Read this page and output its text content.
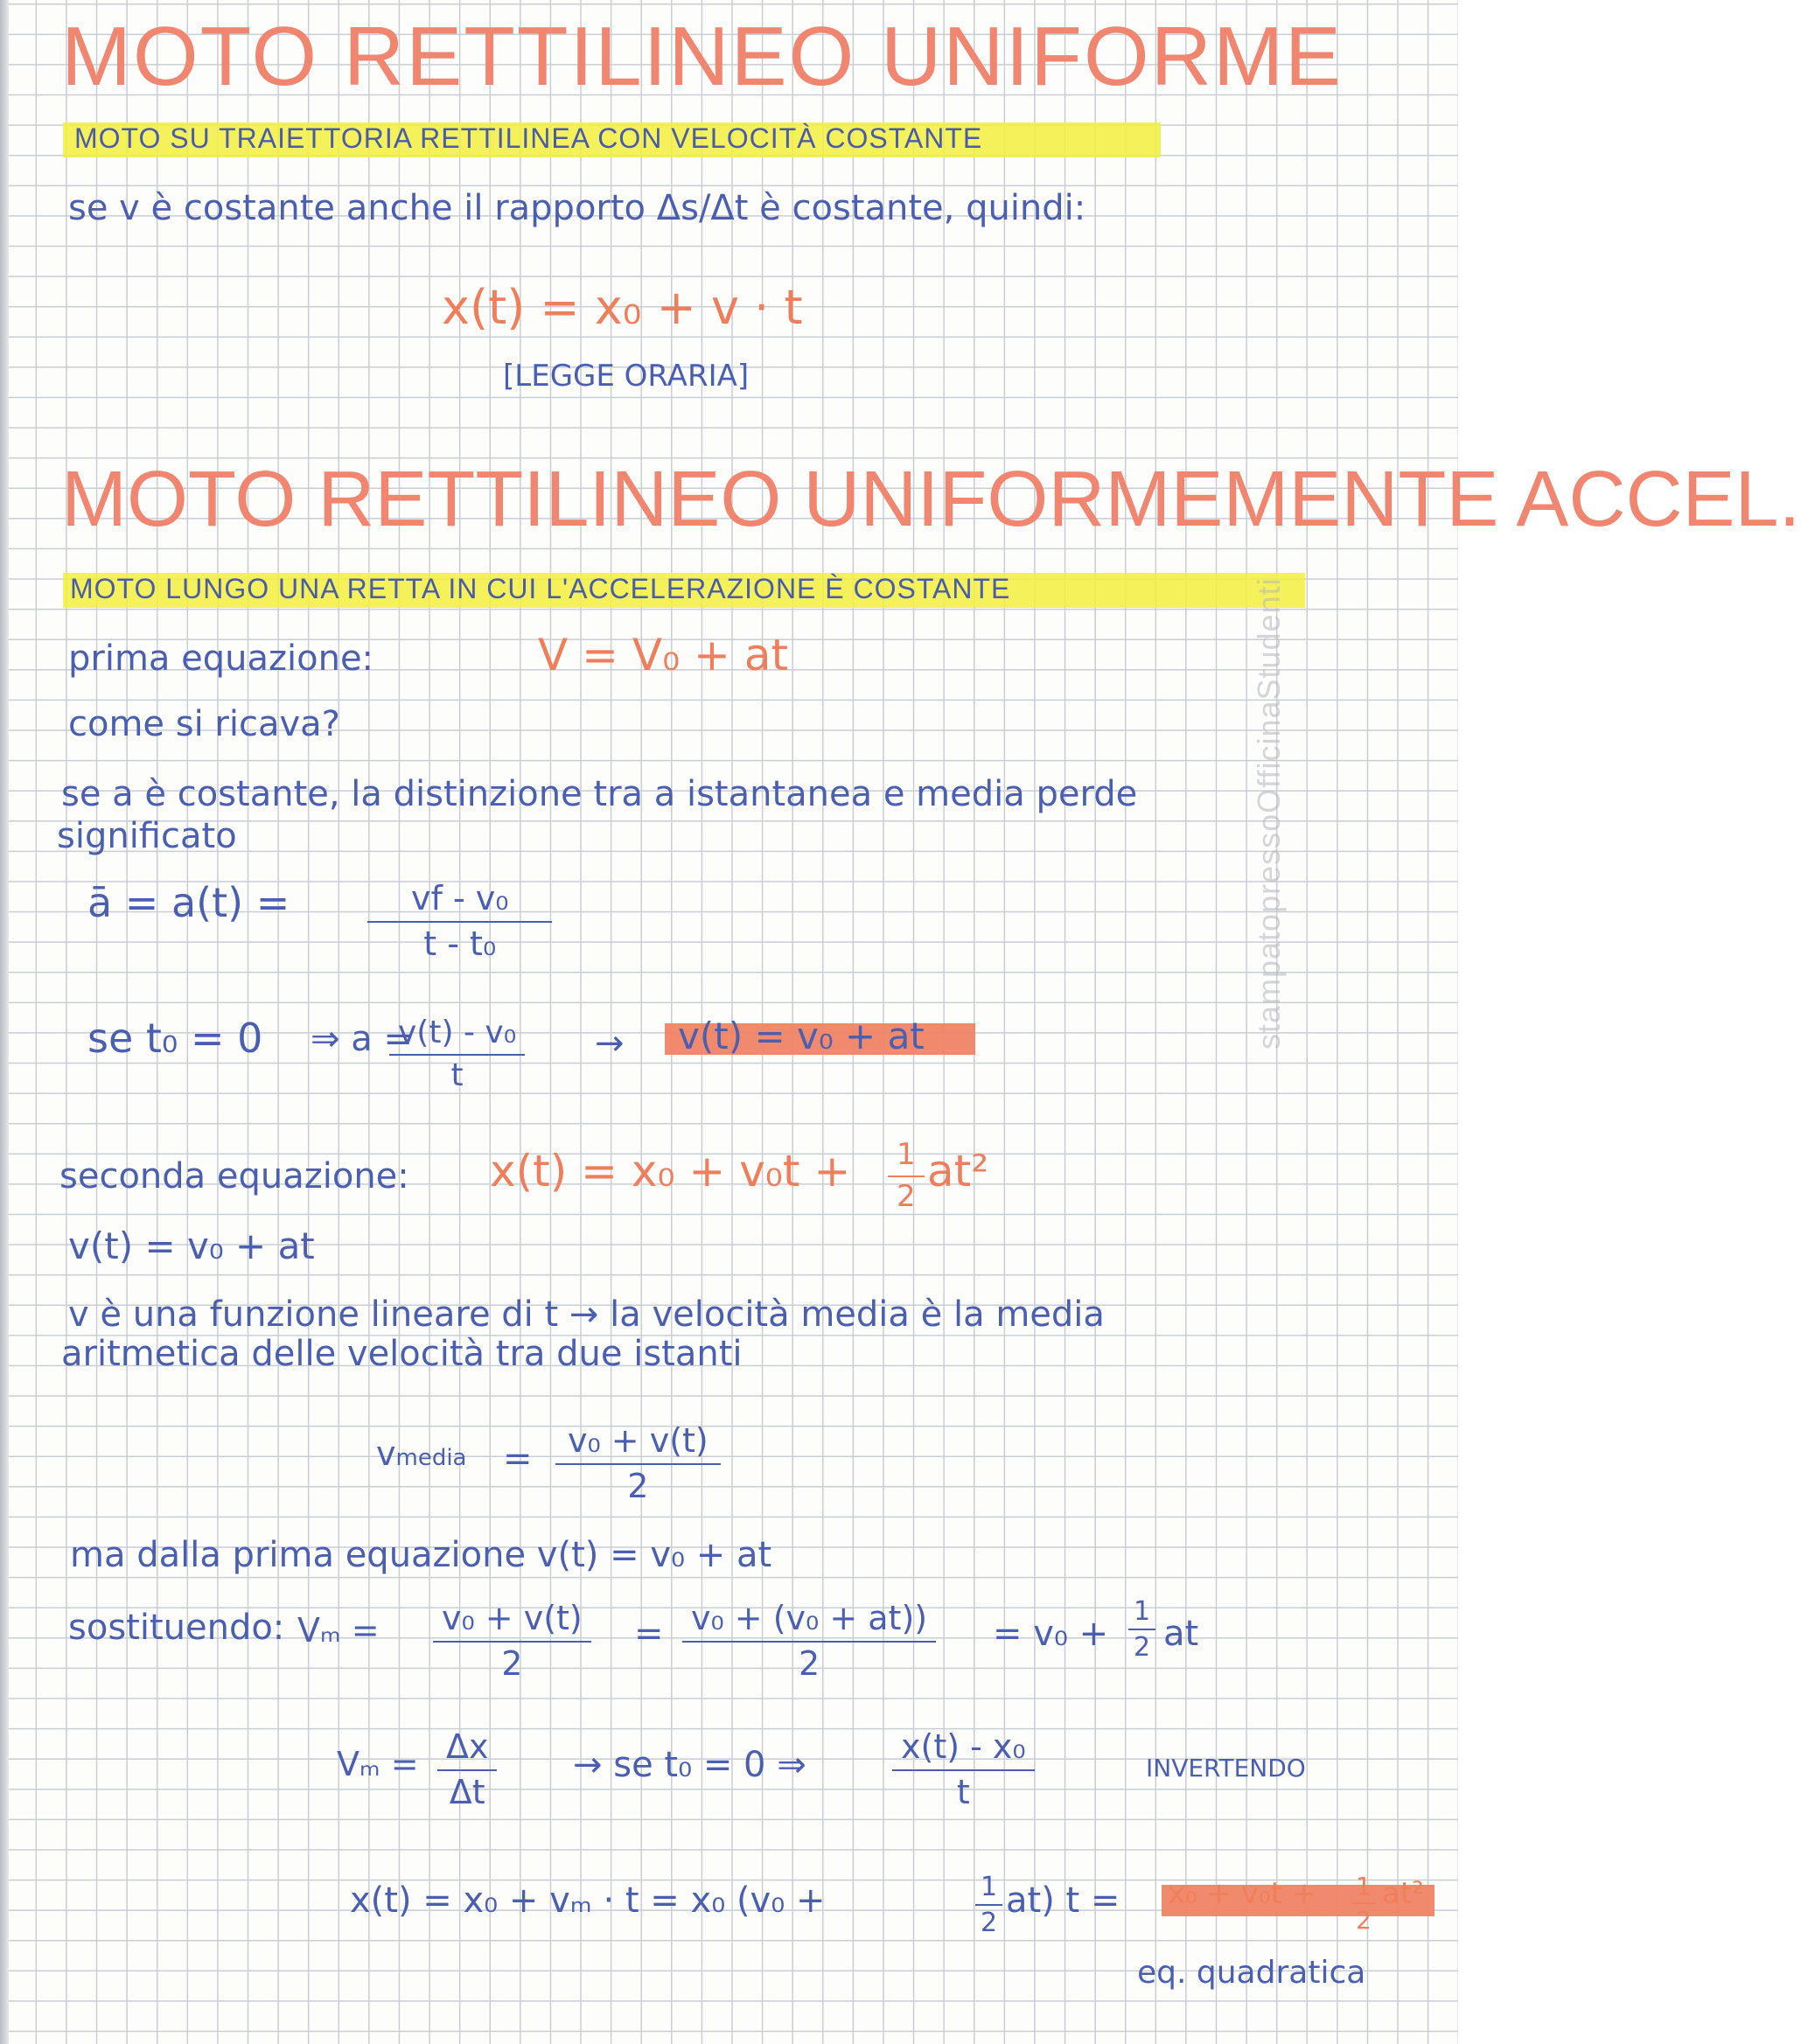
MOTO RETTILINEO UNIFORME
MOTO SU TRAIETTORIA RETTILINEA CON VELOCITÀ COSTANTE
se v è costante anche il rapporto Δs/Δt è costante, quindi:
x(t) = x₀ + v · t
[LEGGE ORARIA]
MOTO RETTILINEO UNIFORMEMENTE ACCEL.
MOTO LUNGO UNA RETTA IN CUI L'ACCELERAZIONE È COSTANTE
prima equazione:	V = V₀ + at
come si ricava?
se a è costante, la distinzione tra a istantanea e media perde
significato
ā = $a(t) = \frac{\text{vf - v₀}}{\text{t - t₀}}$
se t₀ = 0 ⇒ a =
$\frac{\text{v(t) - v₀}}{t} \to v(t) = v_0$ + at
seconda equazione: $x(t) = x_0 + v_0t + \frac{1}{2} at^2$
v(t) = v₀ + at
v è una funzione lineare di t → la velocità media è la media
aritmetica delle velocità tra due istanti
vmedia = $\frac{\text{v₀ + v(t)}}{2}$
ma dalla prima equazione v(t) = v₀ + at
sostituendo: $V_m = \frac{\text{v₀ + v(t)}}{2} = \frac{\text{v₀ + (v₀ + at))}}{2} = v_0 + \frac{1}{2}$ at
$V_m = \frac{\Delta x}{\Delta t}$ → se t₀ = 0 ⇒	$\frac{\text{x(t) - x₀}}{t}$	INVERTENDO
x(t) = x₀ + vₘ · t = x₀ (v₀ +	$\frac{1}{2} at$) $t = x_0 + v_0t + \frac{1}{2} at^2$
eq. quadratica
stampatopressoOfficinaStudenti
